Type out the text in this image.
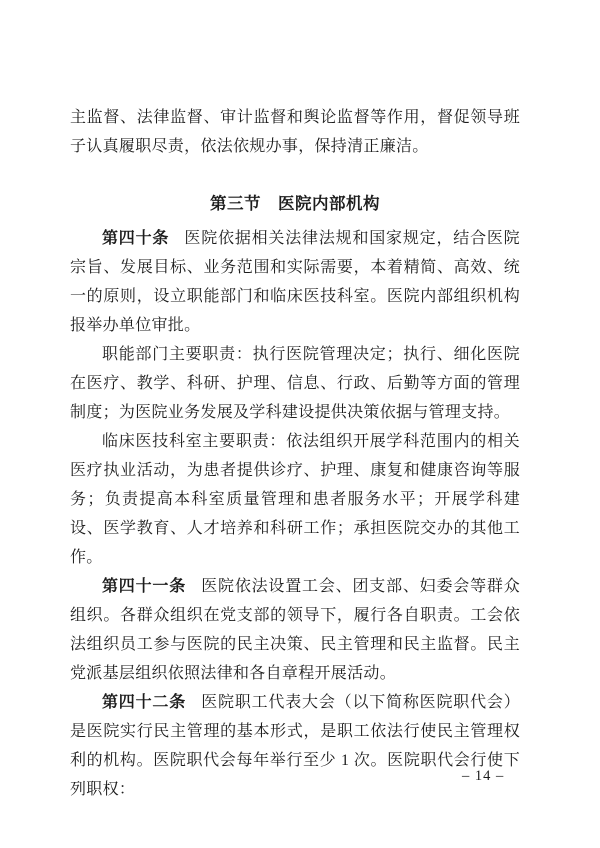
主监督、法律监督、审计监督和舆论监督等作用，督促领导班子认真履职尽责，依法依规办事，保持清正廉洁。

第三节　医院内部机构

第四十条 医院依据相关法律法规和国家规定，结合医院宗旨、发展目标、业务范围和实际需要，本着精简、高效、统一的原则，设立职能部门和临床医技科室。医院内部组织机构报举办单位审批。

职能部门主要职责：执行医院管理决定；执行、细化医院在医疗、教学、科研、护理、信息、行政、后勤等方面的管理制度；为医院业务发展及学科建设提供决策依据与管理支持。

临床医技科室主要职责：依法组织开展学科范围内的相关医疗执业活动，为患者提供诊疗、护理、康复和健康咨询等服务；负责提高本科室质量管理和患者服务水平；开展学科建设、医学教育、人才培养和科研工作；承担医院交办的其他工作。

第四十一条 医院依法设置工会、团支部、妇委会等群众组织。各群众组织在党支部的领导下，履行各自职责。工会依法组织员工参与医院的民主决策、民主管理和民主监督。民主党派基层组织依照法律和各自章程开展活动。

第四十二条 医院职工代表大会（以下简称医院职代会）是医院实行民主管理的基本形式，是职工依法行使民主管理权利的机构。医院职代会每年举行至少 1 次。医院职代会行使下列职权：

– 14 –
